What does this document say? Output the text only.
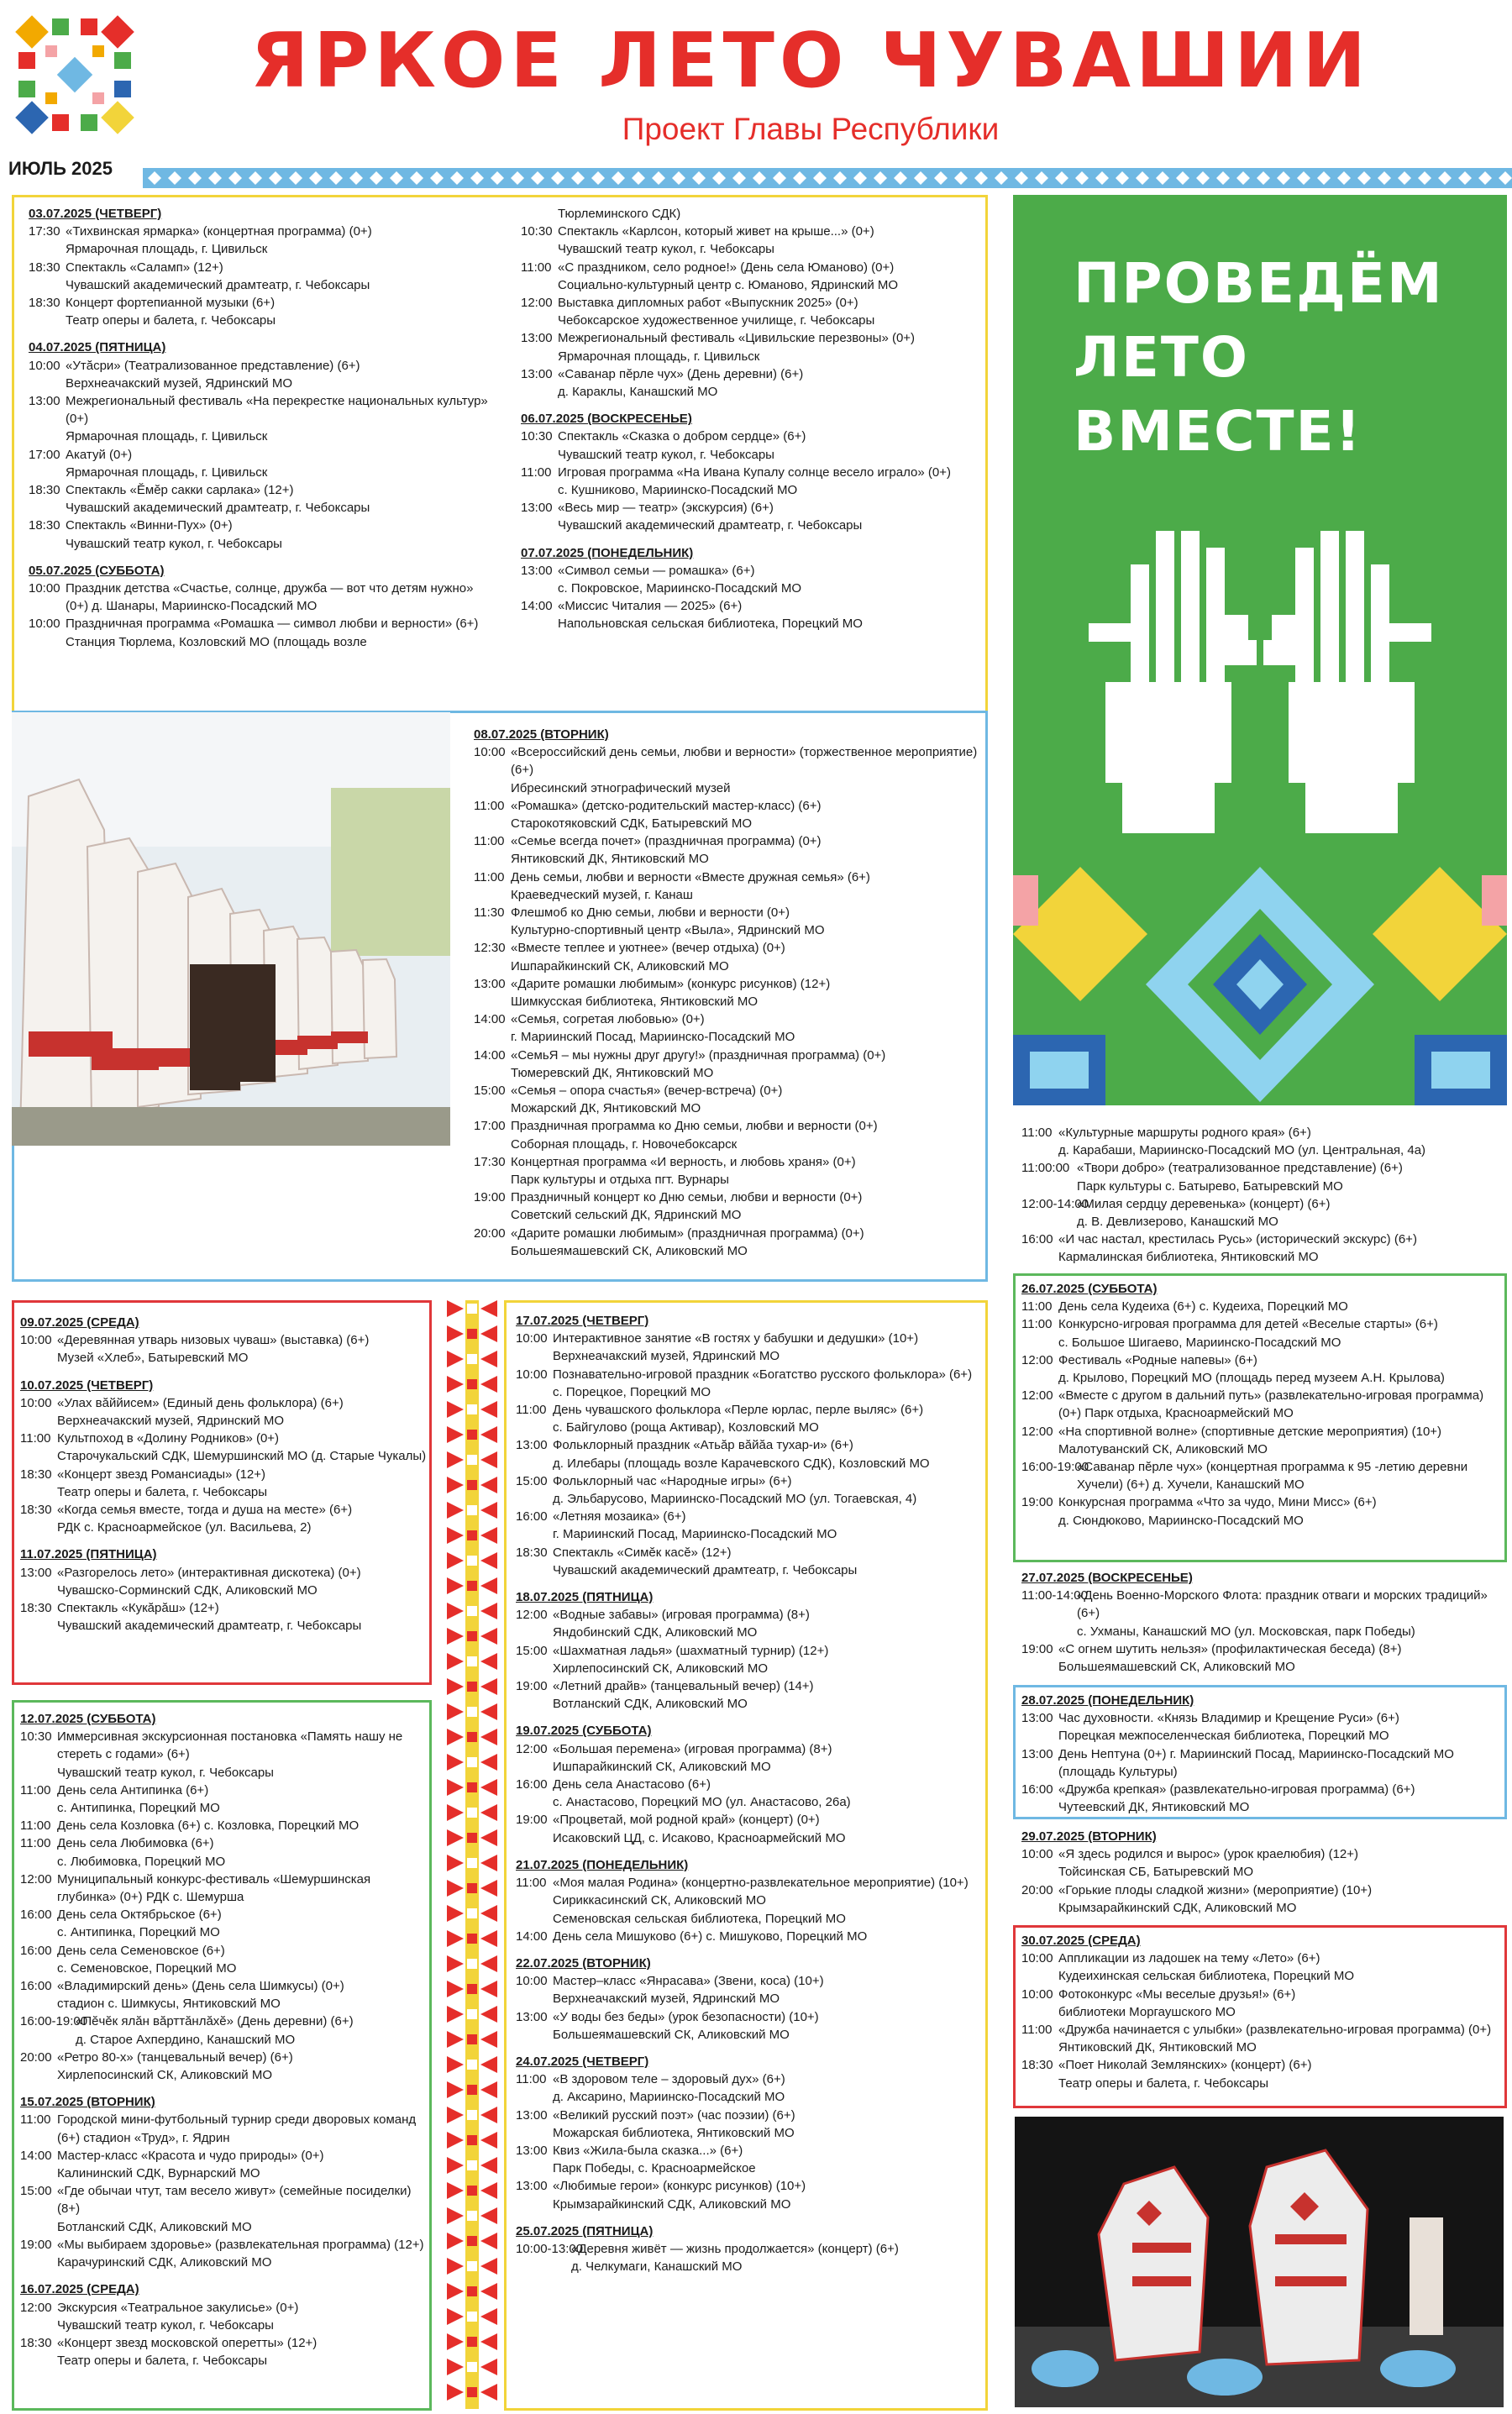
ЯРКОЕ ЛЕТО ЧУВАШИИ
Проект Главы Республики
ИЮЛЬ 2025
03.07.2025 (ЧЕТВЕРГ)
17:30 «Тихвинская ярмарка» (концертная программа) (0+)
Ярмарочная площадь, г. Цивильск
18:30 Спектакль «Саламп» (12+)
Чувашский академический драмтеатр, г. Чебоксары
18:30 Концерт фортепианной музыки (6+)
Театр оперы и балета, г. Чебоксары
04.07.2025 (ПЯТНИЦА)
10:00 «Утăсри» (Театрализованное представление) (6+)
Верхнеачакский музей, Ядринский МО
13:00 Межрегиональный фестиваль «На перекрестке национальных культур» (0+)
Ярмарочная площадь, г. Цивильск
17:00 Акатуй (0+)
Ярмарочная площадь, г. Цивильск
18:30 Спектакль «Ĕмĕр сакки сарлака» (12+)
Чувашский академический драмтеатр, г. Чебоксары
18:30 Спектакль «Винни-Пух» (0+)
Чувашский театр кукол, г. Чебоксары
05.07.2025 (СУББОТА)
10:00 Праздник детства «Счастье, солнце, дружба — вот что детям нужно» (0+) д. Шанары, Мариинско-Посадский МО
10:00 Праздничная программа «Ромашка — символ любви и верности» (6+)
Станция Тюрлема, Козловский МО (площадь возле
Тюрлеминского СДК)
10:30 Спектакль «Карлсон, который живет на крыше...» (0+)
Чувашский театр кукол, г. Чебоксары
11:00 «С праздником, село родное!» (День села Юманово) (0+)
Социально-культурный центр с. Юманово, Ядринский МО
12:00 Выставка дипломных работ «Выпускник 2025» (0+)
Чебоксарское художественное училище, г. Чебоксары
13:00 Межрегиональный фестиваль «Цивильские перезвоны» (0+)
Ярмарочная площадь, г. Цивильск
13:00 «Саванар пĕрле чух» (День деревни) (6+)
д. Караклы, Канашский МО
06.07.2025 (ВОСКРЕСЕНЬЕ)
10:30 Спектакль «Сказка о добром сердце» (6+)
Чувашский театр кукол, г. Чебоксары
11:00 Игровая программа «На Ивана Купалу солнце весело играло» (0+)
с. Кушниково, Мариинско-Посадский МО
13:00 «Весь мир — театр» (экскурсия) (6+)
Чувашский академический драмтеатр, г. Чебоксары
07.07.2025 (ПОНЕДЕЛЬНИК)
13:00 «Символ семьи — ромашка» (6+)
с. Покровское, Мариинско-Посадский МО
14:00 «Миссис Читалия — 2025» (6+)
Напольновская сельская библиотека, Порецкий МО
ПРОВЕДЁМ
ЛЕТО
ВМЕСТЕ!
08.07.2025 (ВТОРНИК)
10:00 «Всероссийский день семьи, любви и верности» (торжественное мероприятие) (6+)
Ибресинский этнографический музей
11:00 «Ромашка» (детско-родительский мастер-класс) (6+)
Старокотяковский СДК, Батыревский МО
11:00 «Семье всегда почет» (праздничная программа) (0+)
Янтиковский ДК, Янтиковский МО
11:00 День семьи, любви и верности «Вместе дружная семья» (6+)
Краеведческий музей, г. Канаш
11:30 Флешмоб ко Дню семьи, любви и верности (0+)
Культурно-спортивный центр «Выла», Ядринский МО
12:30 «Вместе теплее и уютнее» (вечер отдыха) (0+)
Ишпарайкинский СК, Аликовский МО
13:00 «Дарите ромашки любимым» (конкурс рисунков) (12+)
Шимкусская библиотека, Янтиковский МО
14:00 «Семья, согретая любовью» (0+)
г. Мариинский Посад, Мариинско-Посадский МО
14:00 «СемьЯ – мы нужны друг другу!» (праздничная программа) (0+)
Тюмеревский ДК, Янтиковский МО
15:00 «Семья – опора счастья» (вечер-встреча) (0+)
Можарский ДК, Янтиковский МО
17:00 Праздничная программа ко Дню семьи, любви и верности (0+)
Соборная площадь, г. Новочебоксарск
17:30 Концертная программа «И верность, и любовь храня» (0+)
Парк культуры и отдыха пгт. Вурнары
19:00 Праздничный концерт ко Дню семьи, любви и верности (0+)
Советский сельский ДК, Ядринский МО
20:00 «Дарите ромашки любимым» (праздничная программа) (0+)
Большеямашевский СК, Аликовский МО
11:00 «Культурные маршруты родного края» (6+)
д. Карабаши, Мариинско-Посадский МО (ул. Центральная, 4а)
11:00:00 «Твори добро» (театрализованное представление) (6+)
Парк культуры с. Батырево, Батыревский МО
12:00-14:00
«Милая сердцу деревенька» (концерт) (6+)
д. В. Девлизерово, Канашский МО
16:00 «И час настал, крестилась Русь» (исторический экскурс) (6+)
Кармалинская библиотека, Янтиковский МО
09.07.2025 (СРЕДА)
10:00 «Деревянная утварь низовых чуваш» (выставка) (6+)
Музей «Хлеб», Батыревский МО
10.07.2025 (ЧЕТВЕРГ)
10:00 «Улах вăййисем» (Единый день фольклора) (6+)
Верхнеачакский музей, Ядринский МО
11:00 Культпоход в «Долину Родников» (0+)
Старочукальский СДК, Шемуршинский МО (д. Старые Чукалы)
18:30 «Концерт звезд Романсиады» (12+)
Театр оперы и балета, г. Чебоксары
18:30 «Когда семья вместе, тогда и душа на месте» (6+)
РДК с. Красноармейское (ул. Васильева, 2)
11.07.2025 (ПЯТНИЦА)
13:00 «Разгорелось лето» (интерактивная дискотека) (0+)
Чувашско-Сорминский СДК, Аликовский МО
18:30 Спектакль «Кукăрăш» (12+)
Чувашский академический драмтеатр, г. Чебоксары
12.07.2025 (СУББОТА)
10:30 Иммерсивная экскурсионная постановка «Память нашу не стереть с годами» (6+)
Чувашский театр кукол, г. Чебоксары
11:00 День села Антипинка (6+)
с. Антипинка, Порецкий МО
11:00 День села Козловка (6+) с. Козловка, Порецкий МО
11:00 День села Любимовка (6+)
с. Любимовка, Порецкий МО
12:00 Муниципальный конкурс-фестиваль «Шемуршинская глубинка» (0+) РДК с. Шемурша
16:00 День села Октябрьское (6+)
с. Антипинка, Порецкий МО
16:00 День села Семеновское (6+)
с. Семеновское, Порецкий МО
16:00 «Владимирский день» (День села Шимкусы) (0+)
стадион с. Шимкусы, Янтиковский МО
16:00-19:00
«Пĕчĕк ялăн вăрттăнлăхĕ» (День деревни) (6+)
д. Старое Ахпердино, Канашский МО
20:00 «Ретро 80-х» (танцевальный вечер) (6+)
Хирлепосинский СК, Аликовский МО
15.07.2025 (ВТОРНИК)
11:00 Городской мини-футбольный турнир среди дворовых команд (6+) стадион «Труд», г. Ядрин
14:00 Мастер-класс «Красота и чудо природы» (0+)
Калининский СДК, Вурнарский МО
15:00 «Где обычаи чтут, там весело живут» (семейные посиделки) (8+)
Ботланский СДК, Аликовский МО
19:00 «Мы выбираем здоровье» (развлекательная программа) (12+)
Карачуринский СДК, Аликовский МО
16.07.2025 (СРЕДА)
12:00 Экскурсия «Театральное закулисье» (0+)
Чувашский театр кукол, г. Чебоксары
18:30 «Концерт звезд московской оперетты» (12+)
Театр оперы и балета, г. Чебоксары
17.07.2025 (ЧЕТВЕРГ)
10:00 Интерактивное занятие «В гостях у бабушки и дедушки» (10+)
Верхнеачакский музей, Ядринский МО
10:00 Познавательно-игровой праздник «Богатство русского фольклора» (6+) с. Порецкое, Порецкий МО
11:00 День чувашского фольклора «Перле юрлас, перле выляс» (6+)
с. Байгулово (роща Активар), Козловский МО
13:00 Фольклорный праздник «Атьăр вăйăа тухар-и» (6+)
д. Илебары (площадь возле Карачевского СДК), Козловский МО
15:00 Фольклорный час «Народные игры» (6+)
д. Эльбарусово, Мариинско-Посадский МО (ул. Тогаевская, 4)
16:00 «Летняя мозаика» (6+)
г. Мариинский Посад, Мариинско-Посадский МО
18:30 Спектакль «Симĕк касĕ» (12+)
Чувашский академический драмтеатр, г. Чебоксары
18.07.2025 (ПЯТНИЦА)
12:00 «Водные забавы» (игровая программа) (8+)
Яндобинский СДК, Аликовский МО
15:00 «Шахматная ладья» (шахматный турнир) (12+)
Хирлепосинский СК, Аликовский МО
19:00 «Летний драйв» (танцевальный вечер) (14+)
Вотланский СДК, Аликовский МО
19.07.2025 (СУББОТА)
12:00 «Большая перемена» (игровая программа) (8+)
Ишпарайкинский СК, Аликовский МО
16:00 День села Анастасово (6+)
с. Анастасово, Порецкий МО (ул. Анастасово, 26а)
19:00 «Процветай, мой родной край» (концерт) (0+)
Исаковский ЦД, с. Исаково, Красноармейский МО
21.07.2025 (ПОНЕДЕЛЬНИК)
11:00 «Моя малая Родина» (концертно-развлекательное мероприятие) (10+)
Сириккасинский СК, Аликовский МО
Семеновская сельская библиотека, Порецкий МО
14:00 День села Мишуково (6+) с. Мишуково, Порецкий МО
22.07.2025 (ВТОРНИК)
10:00 Мастер–класс «Янрасава» (Звени, коса) (10+)
Верхнеачакский музей, Ядринский МО
13:00 «У воды без беды» (урок безопасности) (10+)
Большеямашевский СК, Аликовский МО
24.07.2025 (ЧЕТВЕРГ)
11:00 «В здоровом теле – здоровый дух» (6+)
д. Аксарино, Мариинско-Посадский МО
13:00 «Великий русский поэт» (час поэзии) (6+)
Можарская библиотека, Янтиковский МО
13:00 Квиз «Жила-была сказка...» (6+)
Парк Победы, с. Красноармейское
13:00 «Любимые герои» (конкурс рисунков) (10+)
Крымзарайкинский СДК, Аликовский МО
25.07.2025 (ПЯТНИЦА)
10:00-13:00
«Деревня живёт — жизнь продолжается» (концерт) (6+)
д. Челкумаги, Канашский МО
26.07.2025 (СУББОТА)
11:00 День села Кудеиха (6+) с. Кудеиха, Порецкий МО
11:00 Конкурсно-игровая программа для детей «Веселые старты» (6+)
с. Большое Шигаево, Мариинско-Посадский МО
12:00 Фестиваль «Родные напевы» (6+)
д. Крылово, Порецкий МО (площадь перед музеем А.Н. Крылова)
12:00 «Вместе с другом в дальний путь» (развлекательно-игровая программа) (0+) Парк отдыха, Красноармейский МО
12:00 «На спортивной волне» (спортивные детские мероприятия) (10+) Малотуванский СК, Аликовский МО
16:00-19:00
«Саванар пĕрле чух» (концертная программа к 95 -летию деревни Хучели) (6+) д. Хучели, Канашский МО
19:00 Конкурсная программа «Что за чудо, Мини Мисс» (6+)
д. Сюндюково, Мариинско-Посадский МО
27.07.2025 (ВОСКРЕСЕНЬЕ)
11:00-14:00
«День Военно-Морского Флота: праздник отваги и морских традиций» (6+)
с. Ухманы, Канашский МО (ул. Московская, парк Победы)
19:00 «С огнем шутить нельзя» (профилактическая беседа) (8+)
Большеямашевский СК, Аликовский МО
28.07.2025 (ПОНЕДЕЛЬНИК)
13:00 Час духовности. «Князь Владимир и Крещение Руси» (6+)
Порецкая межпоселенческая библиотека, Порецкий МО
13:00 День Нептуна (0+) г. Мариинский Посад, Мариинско-Посадский МО (площадь Культуры)
16:00 «Дружба крепкая» (развлекательно-игровая программа) (6+)
Чутеевский ДК, Янтиковский МО
29.07.2025 (ВТОРНИК)
10:00 «Я здесь родился и вырос» (урок краелюбия) (12+)
Тойсинская СБ, Батыревский МО
20:00 «Горькие плоды сладкой жизни» (мероприятие) (10+)
Крымзарайкинский СДК, Аликовский МО
30.07.2025 (СРЕДА)
10:00 Аппликации из ладошек на тему «Лето» (6+)
Кудеихинская сельская библиотека, Порецкий МО
10:00 Фотоконкурс «Мы веселые друзья!» (6+)
библиотеки Моргаушского МО
11:00 «Дружба начинается с улыбки» (развлекательно-игровая программа) (0+) Янтиковский ДК, Янтиковский МО
18:30 «Поет Николай Землянских» (концерт) (6+)
Театр оперы и балета, г. Чебоксары
